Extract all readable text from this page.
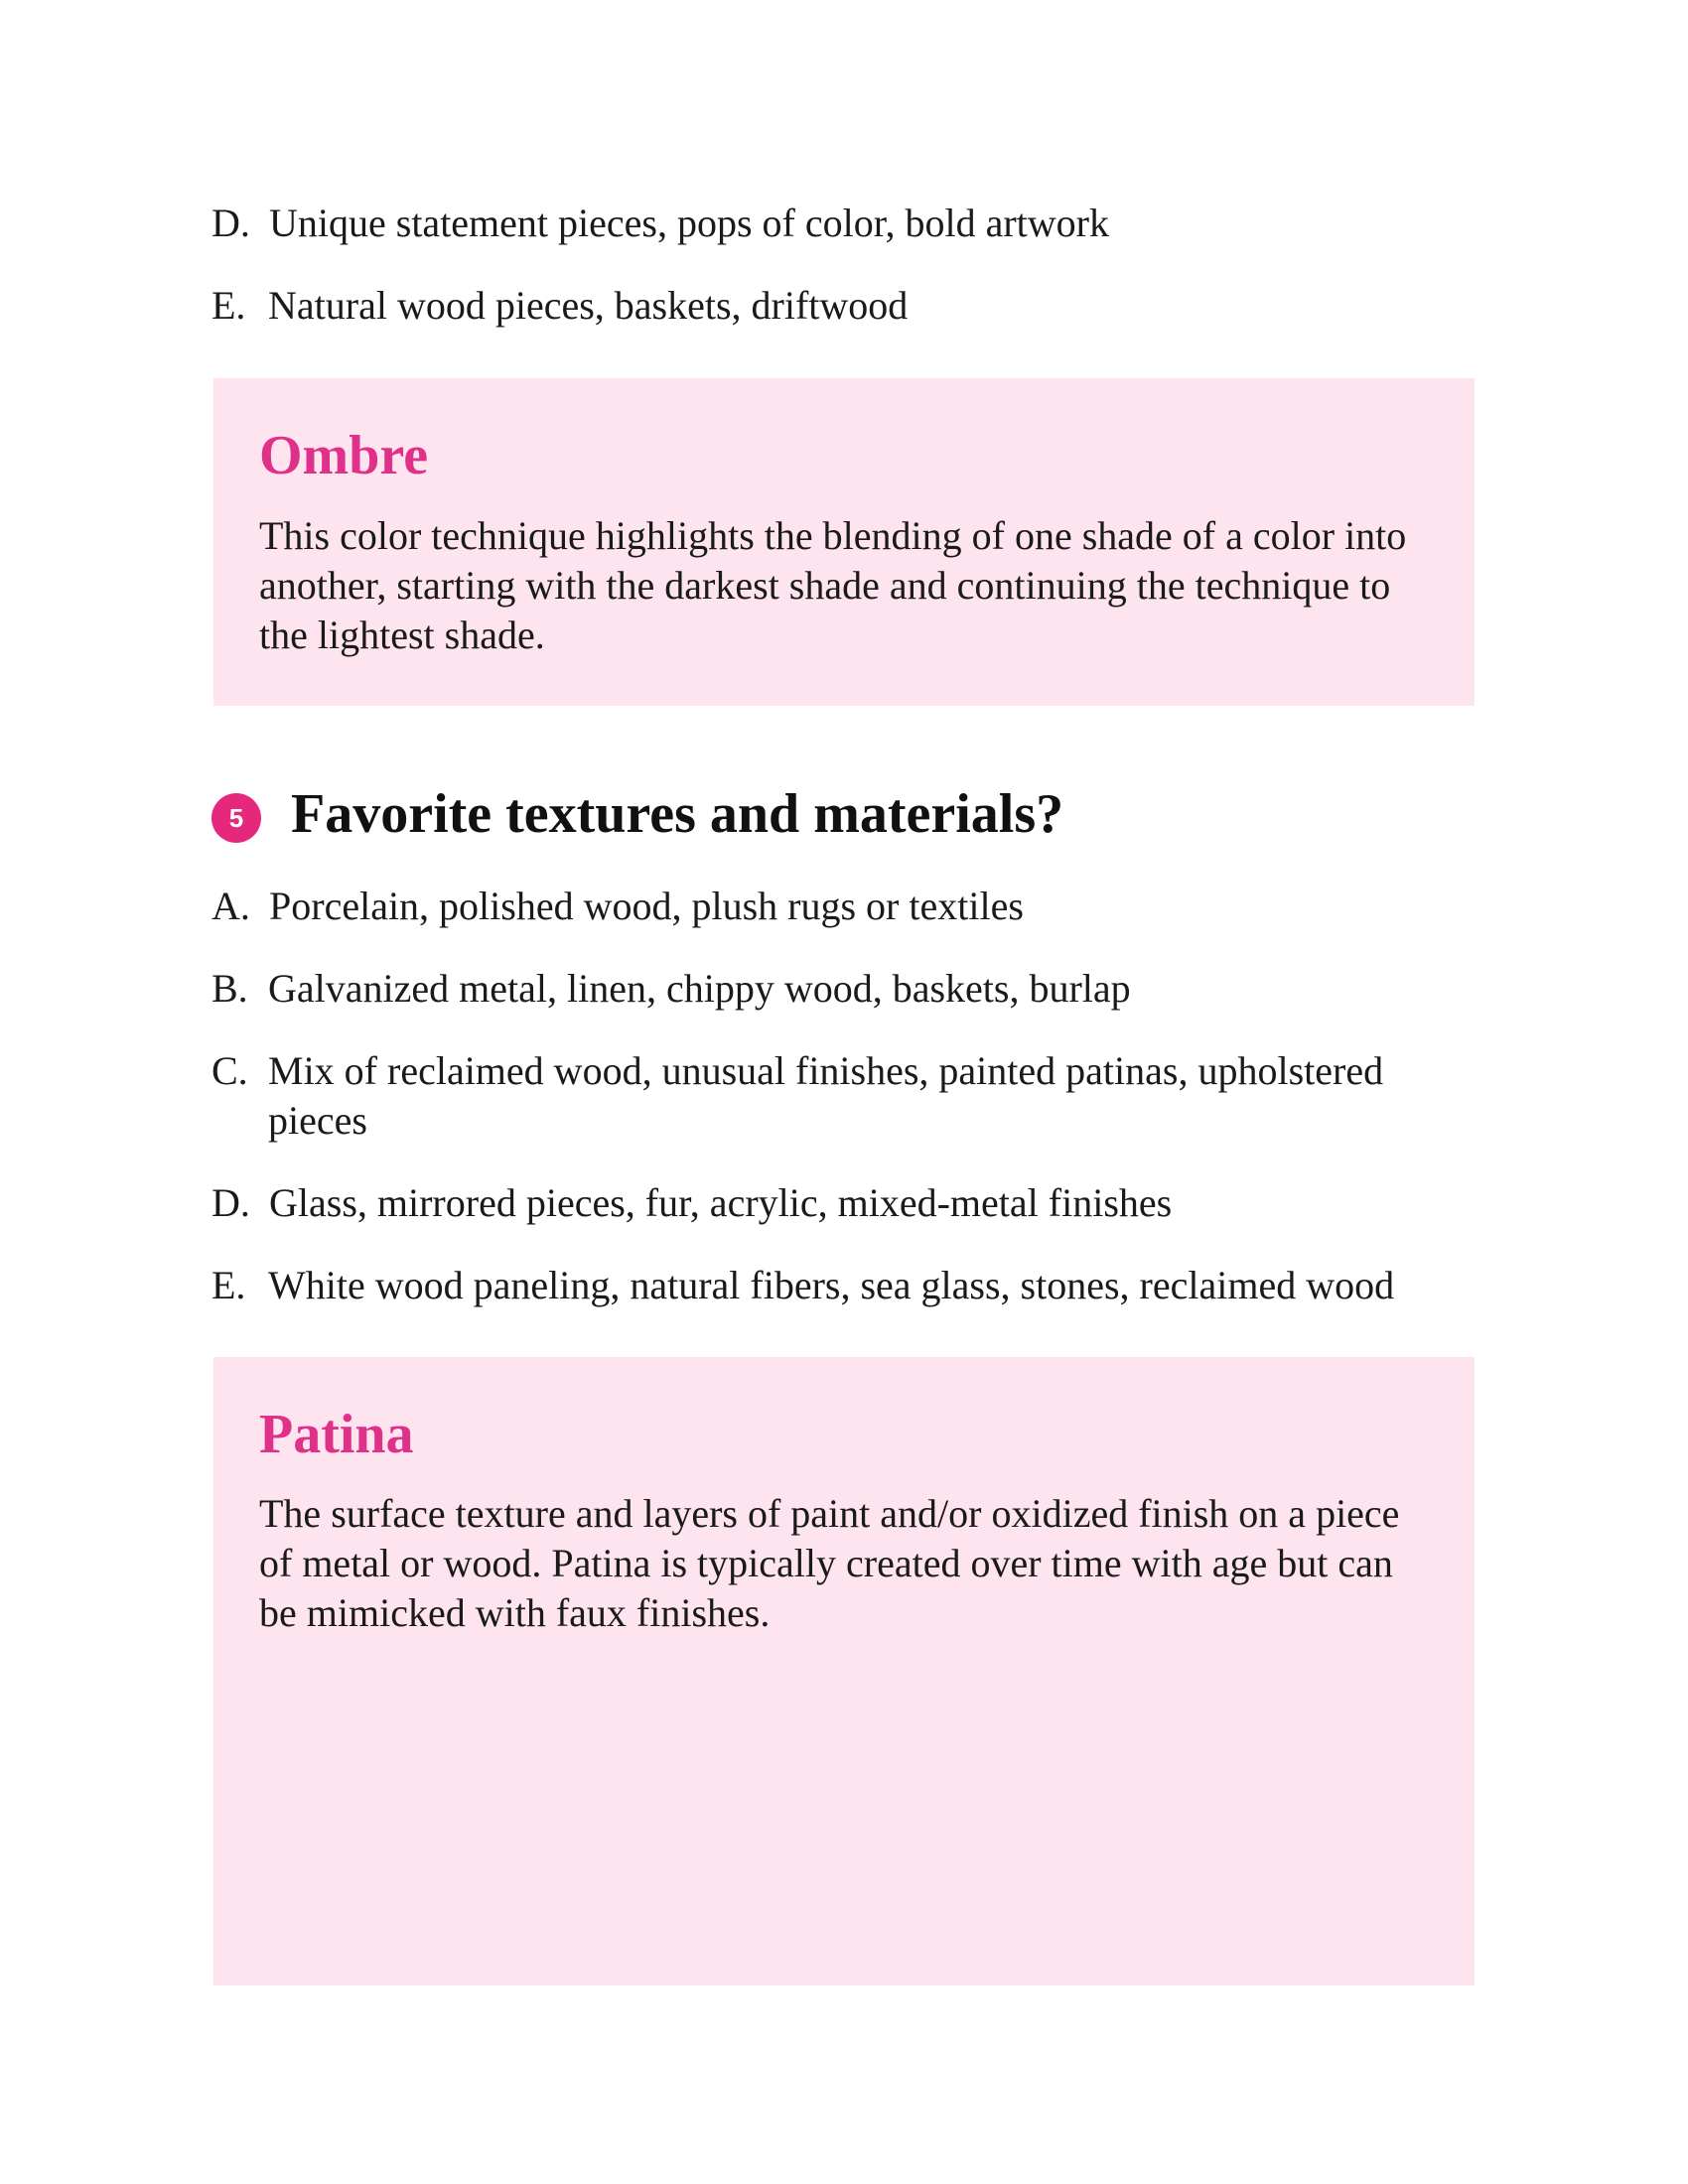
D. Unique statement pieces, pops of color, bold artwork
E. Natural wood pieces, baskets, driftwood
Ombre
This color technique highlights the blending of one shade of a color into another, starting with the darkest shade and continuing the technique to the lightest shade.
5 Favorite textures and materials?
A. Porcelain, polished wood, plush rugs or textiles
B. Galvanized metal, linen, chippy wood, baskets, burlap
C. Mix of reclaimed wood, unusual finishes, painted patinas, upholstered pieces
D. Glass, mirrored pieces, fur, acrylic, mixed-metal finishes
E. White wood paneling, natural fibers, sea glass, stones, reclaimed wood
Patina
The surface texture and layers of paint and/or oxidized finish on a piece of metal or wood. Patina is typically created over time with age but can be mimicked with faux finishes.
